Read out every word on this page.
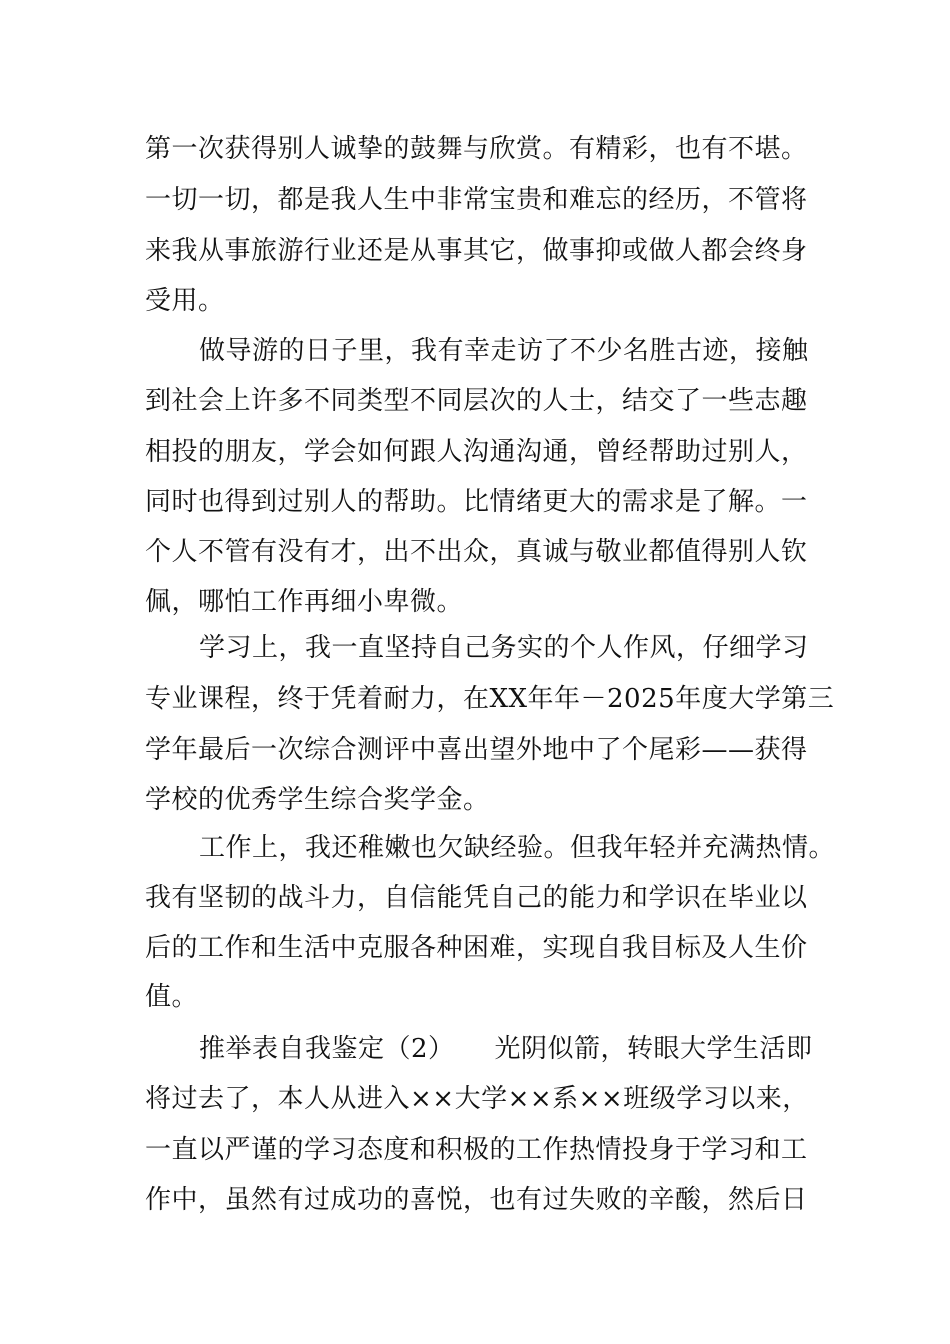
第一次获得别人诚挚的鼓舞与欣赏。有精彩，也有不堪。
一切一切，都是我人生中非常宝贵和难忘的经历，不管将
来我从事旅游行业还是从事其它，做事抑或做人都会终身
受用。
做导游的日子里，我有幸走访了不少名胜古迹，接触
到社会上许多不同类型不同层次的人士，结交了一些志趣
相投的朋友，学会如何跟人沟通沟通，曾经帮助过别人，
同时也得到过别人的帮助。比情绪更大的需求是了解。一
个人不管有没有才，出不出众，真诚与敬业都值得别人钦
佩，哪怕工作再细小卑微。
学习上，我一直坚持自己务实的个人作风，仔细学习
专业课程，终于凭着耐力，在XX年年－2025年度大学第三
学年最后一次综合测评中喜出望外地中了个尾彩——获得
学校的优秀学生综合奖学金。
工作上，我还稚嫩也欠缺经验。但我年轻并充满热情。
我有坚韧的战斗力，自信能凭自己的能力和学识在毕业以
后的工作和生活中克服各种困难，实现自我目标及人生价
值。
推举表自我鉴定（2）　　光阴似箭，转眼大学生活即
将过去了，本人从进入××大学××系××班级学习以来，
一直以严谨的学习态度和积极的工作热情投身于学习和工
作中，虽然有过成功的喜悦，也有过失败的辛酸，然后日
